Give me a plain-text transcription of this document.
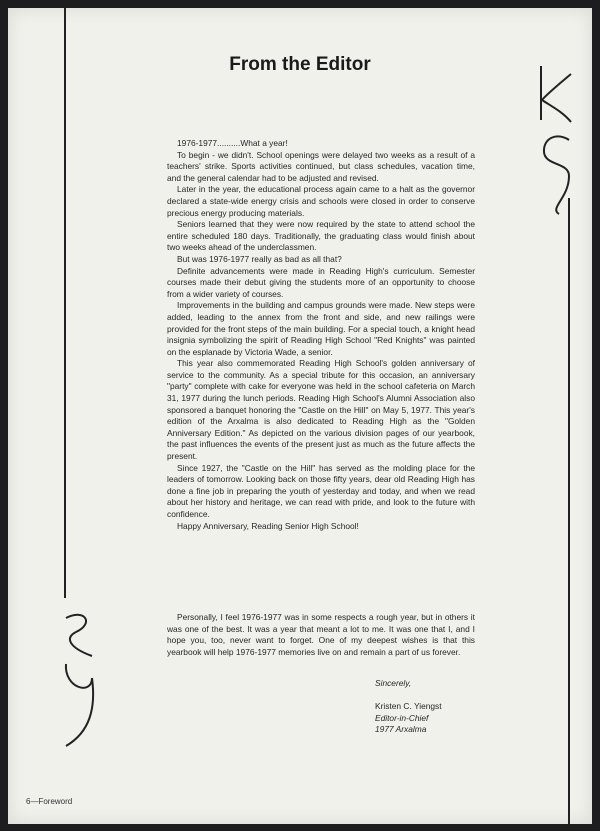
From the Editor

1976-1977..........What a year!

To begin - we didn't. School openings were delayed two weeks as a result of a teachers' strike. Sports activities continued, but class schedules, vacation time, and the general calendar had to be adjusted and revised.

Later in the year, the educational process again came to a halt as the governor declared a state-wide energy crisis and schools were closed in order to conserve precious energy producing materials.

Seniors learned that they were now required by the state to attend school the entire scheduled 180 days. Traditionally, the graduating class would finish about two weeks ahead of the underclassmen.

But was 1976-1977 really as bad as all that?

Definite advancements were made in Reading High's curriculum. Semester courses made their debut giving the students more of an opportunity to choose from a wider variety of courses.

Improvements in the building and campus grounds were made. New steps were added, leading to the annex from the front and side, and new railings were provided for the front steps of the main building. For a special touch, a knight head insignia symbolizing the spirit of Reading High School "Red Knights" was painted on the esplanade by Victoria Wade, a senior.

This year also commemorated Reading High School's golden anniversary of service to the community. As a special tribute for this occasion, an anniversary "party" complete with cake for everyone was held in the school cafeteria on March 31, 1977 during the lunch periods. Reading High School's Alumni Association also sponsored a banquet honoring the "Castle on the Hill" on May 5, 1977. This year's edition of the Arxalma is also dedicated to Reading High as the "Golden Anniversary Edition." As depicted on the various division pages of our yearbook, the past influences the events of the present just as much as the future affects the present.

Since 1927, the "Castle on the Hill" has served as the molding place for the leaders of tomorrow. Looking back on those fifty years, dear old Reading High has done a fine job in preparing the youth of yesterday and today, and when we read about her history and heritage, we can read with pride, and look to the future with confidence.

Happy Anniversary, Reading Senior High School!

Personally, I feel 1976-1977 was in some respects a rough year, but in others it was one of the best. It was a year that meant a lot to me. It was one that I, and I hope you, too, never want to forget. One of my deepest wishes is that this yearbook will help 1976-1977 memories live on and remain a part of us forever.

Sincerely,
Kristen C. Yiengst
Editor-in-Chief
1977 Arxalma
6—Foreword
